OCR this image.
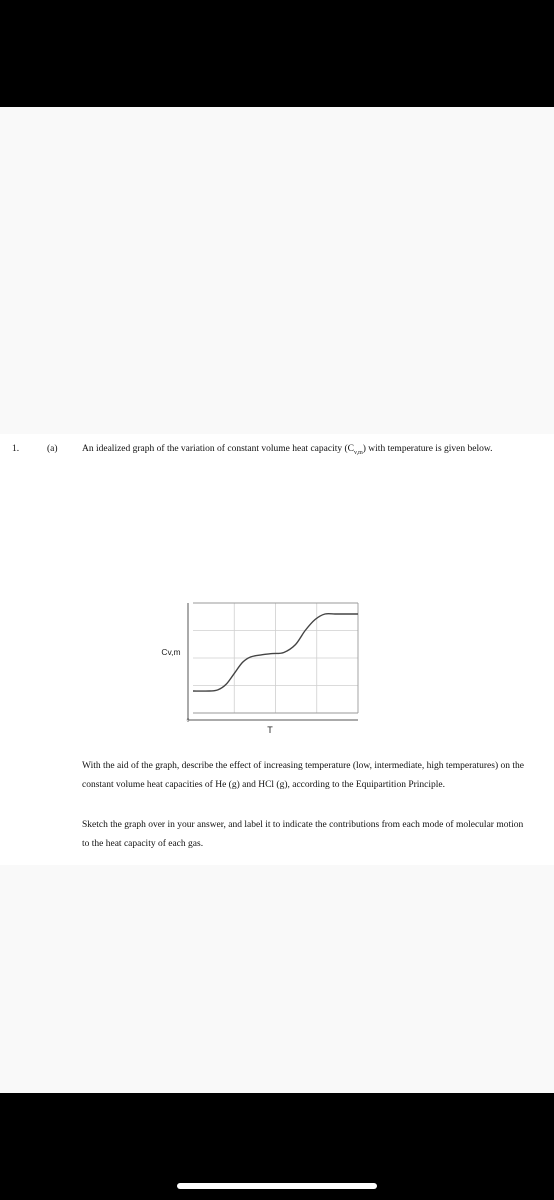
1.	(a)	An idealized graph of the variation of constant volume heat capacity $(C_{v,m})$ with temperature is given below.
Cv,m
T
0
With the aid of the graph, describe the effect of increasing temperature (low, intermediate, high temperatures) on the constant volume heat capacities of He (g) and HCl (g), according to the Equipartition Principle.
Sketch the graph over in your answer, and label it to indicate the contributions from each mode of molecular motion to the heat capacity of each gas.
